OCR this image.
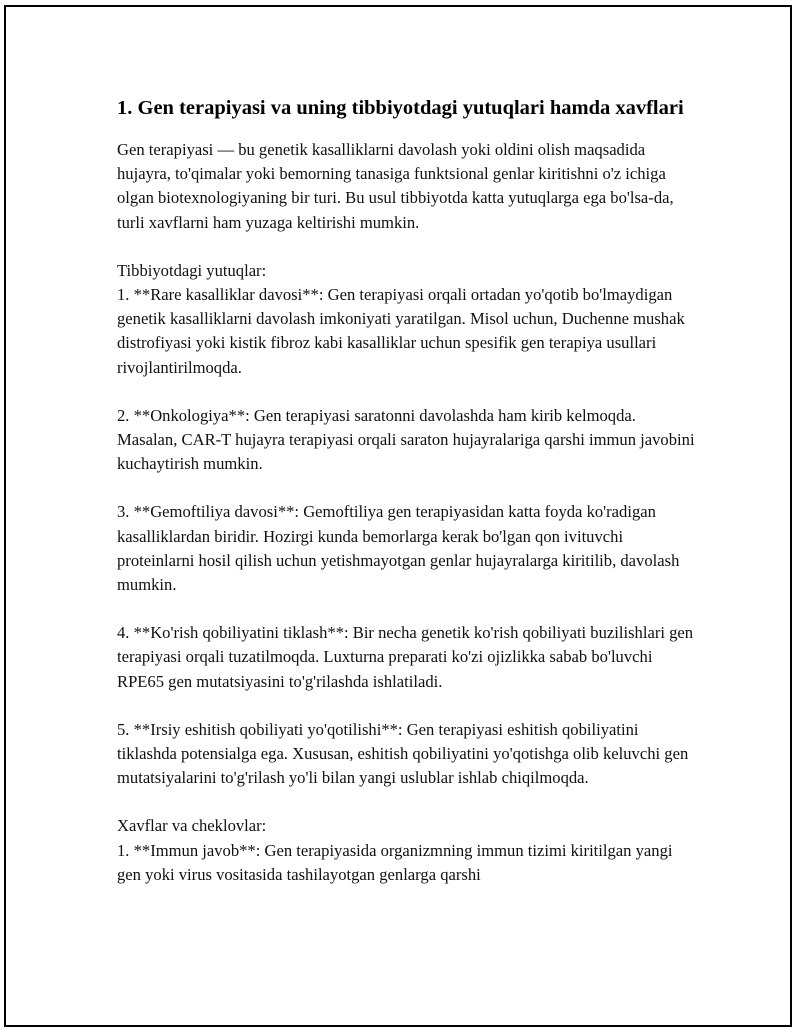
1. Gen terapiyasi va uning tibbiyotdagi yutuqlari hamda xavflari

Gen terapiyasi — bu genetik kasalliklarni davolash yoki oldini olish maqsadida hujayra, to'qimalar yoki bemorning tanasiga funktsional genlar kiritishni o'z ichiga olgan biotexnologiyaning bir turi. Bu usul tibbiyotda katta yutuqlarga ega bo'lsa-da, turli xavflarni ham yuzaga keltirishi mumkin.

Tibbiyotdagi yutuqlar:
1. **Rare kasalliklar davosi**: Gen terapiyasi orqali ortadan yo'qotib bo'lmaydigan genetik kasalliklarni davolash imkoniyati yaratilgan. Misol uchun, Duchenne mushak distrofiyasi yoki kistik fibroz kabi kasalliklar uchun spesifik gen terapiya usullari rivojlantirilmoqda.

2. **Onkologiya**: Gen terapiyasi saratonni davolashda ham kirib kelmoqda. Masalan, CAR-T hujayra terapiyasi orqali saraton hujayralariga qarshi immun javobini kuchaytirish mumkin.

3. **Gemoftiliya davosi**: Gemoftiliya gen terapiyasidan katta foyda ko'radigan kasalliklardan biridir. Hozirgi kunda bemorlarga kerak bo'lgan qon ivituvchi proteinlarni hosil qilish uchun yetishmayotgan genlar hujayralarga kiritilib, davolash mumkin.

4. **Ko'rish qobiliyatini tiklash**: Bir necha genetik ko'rish qobiliyati buzilishlari gen terapiyasi orqali tuzatilmoqda. Luxturna preparati ko'zi ojizlikka sabab bo'luvchi RPE65 gen mutatsiyasini to'g'rilashda ishlatiladi.

5. **Irsiy eshitish qobiliyati yo'qotilishi**: Gen terapiyasi eshitish qobiliyatini tiklashda potensialga ega. Xususan, eshitish qobiliyatini yo'qotishga olib keluvchi gen mutatsiyalarini to'g'rilash yo'li bilan yangi uslublar ishlab chiqilmoqda.

Xavflar va cheklovlar:
1. **Immun javob**: Gen terapiyasida organizmning immun tizimi kiritilgan yangi gen yoki virus vositasida tashilayotgan genlarga qarshi
